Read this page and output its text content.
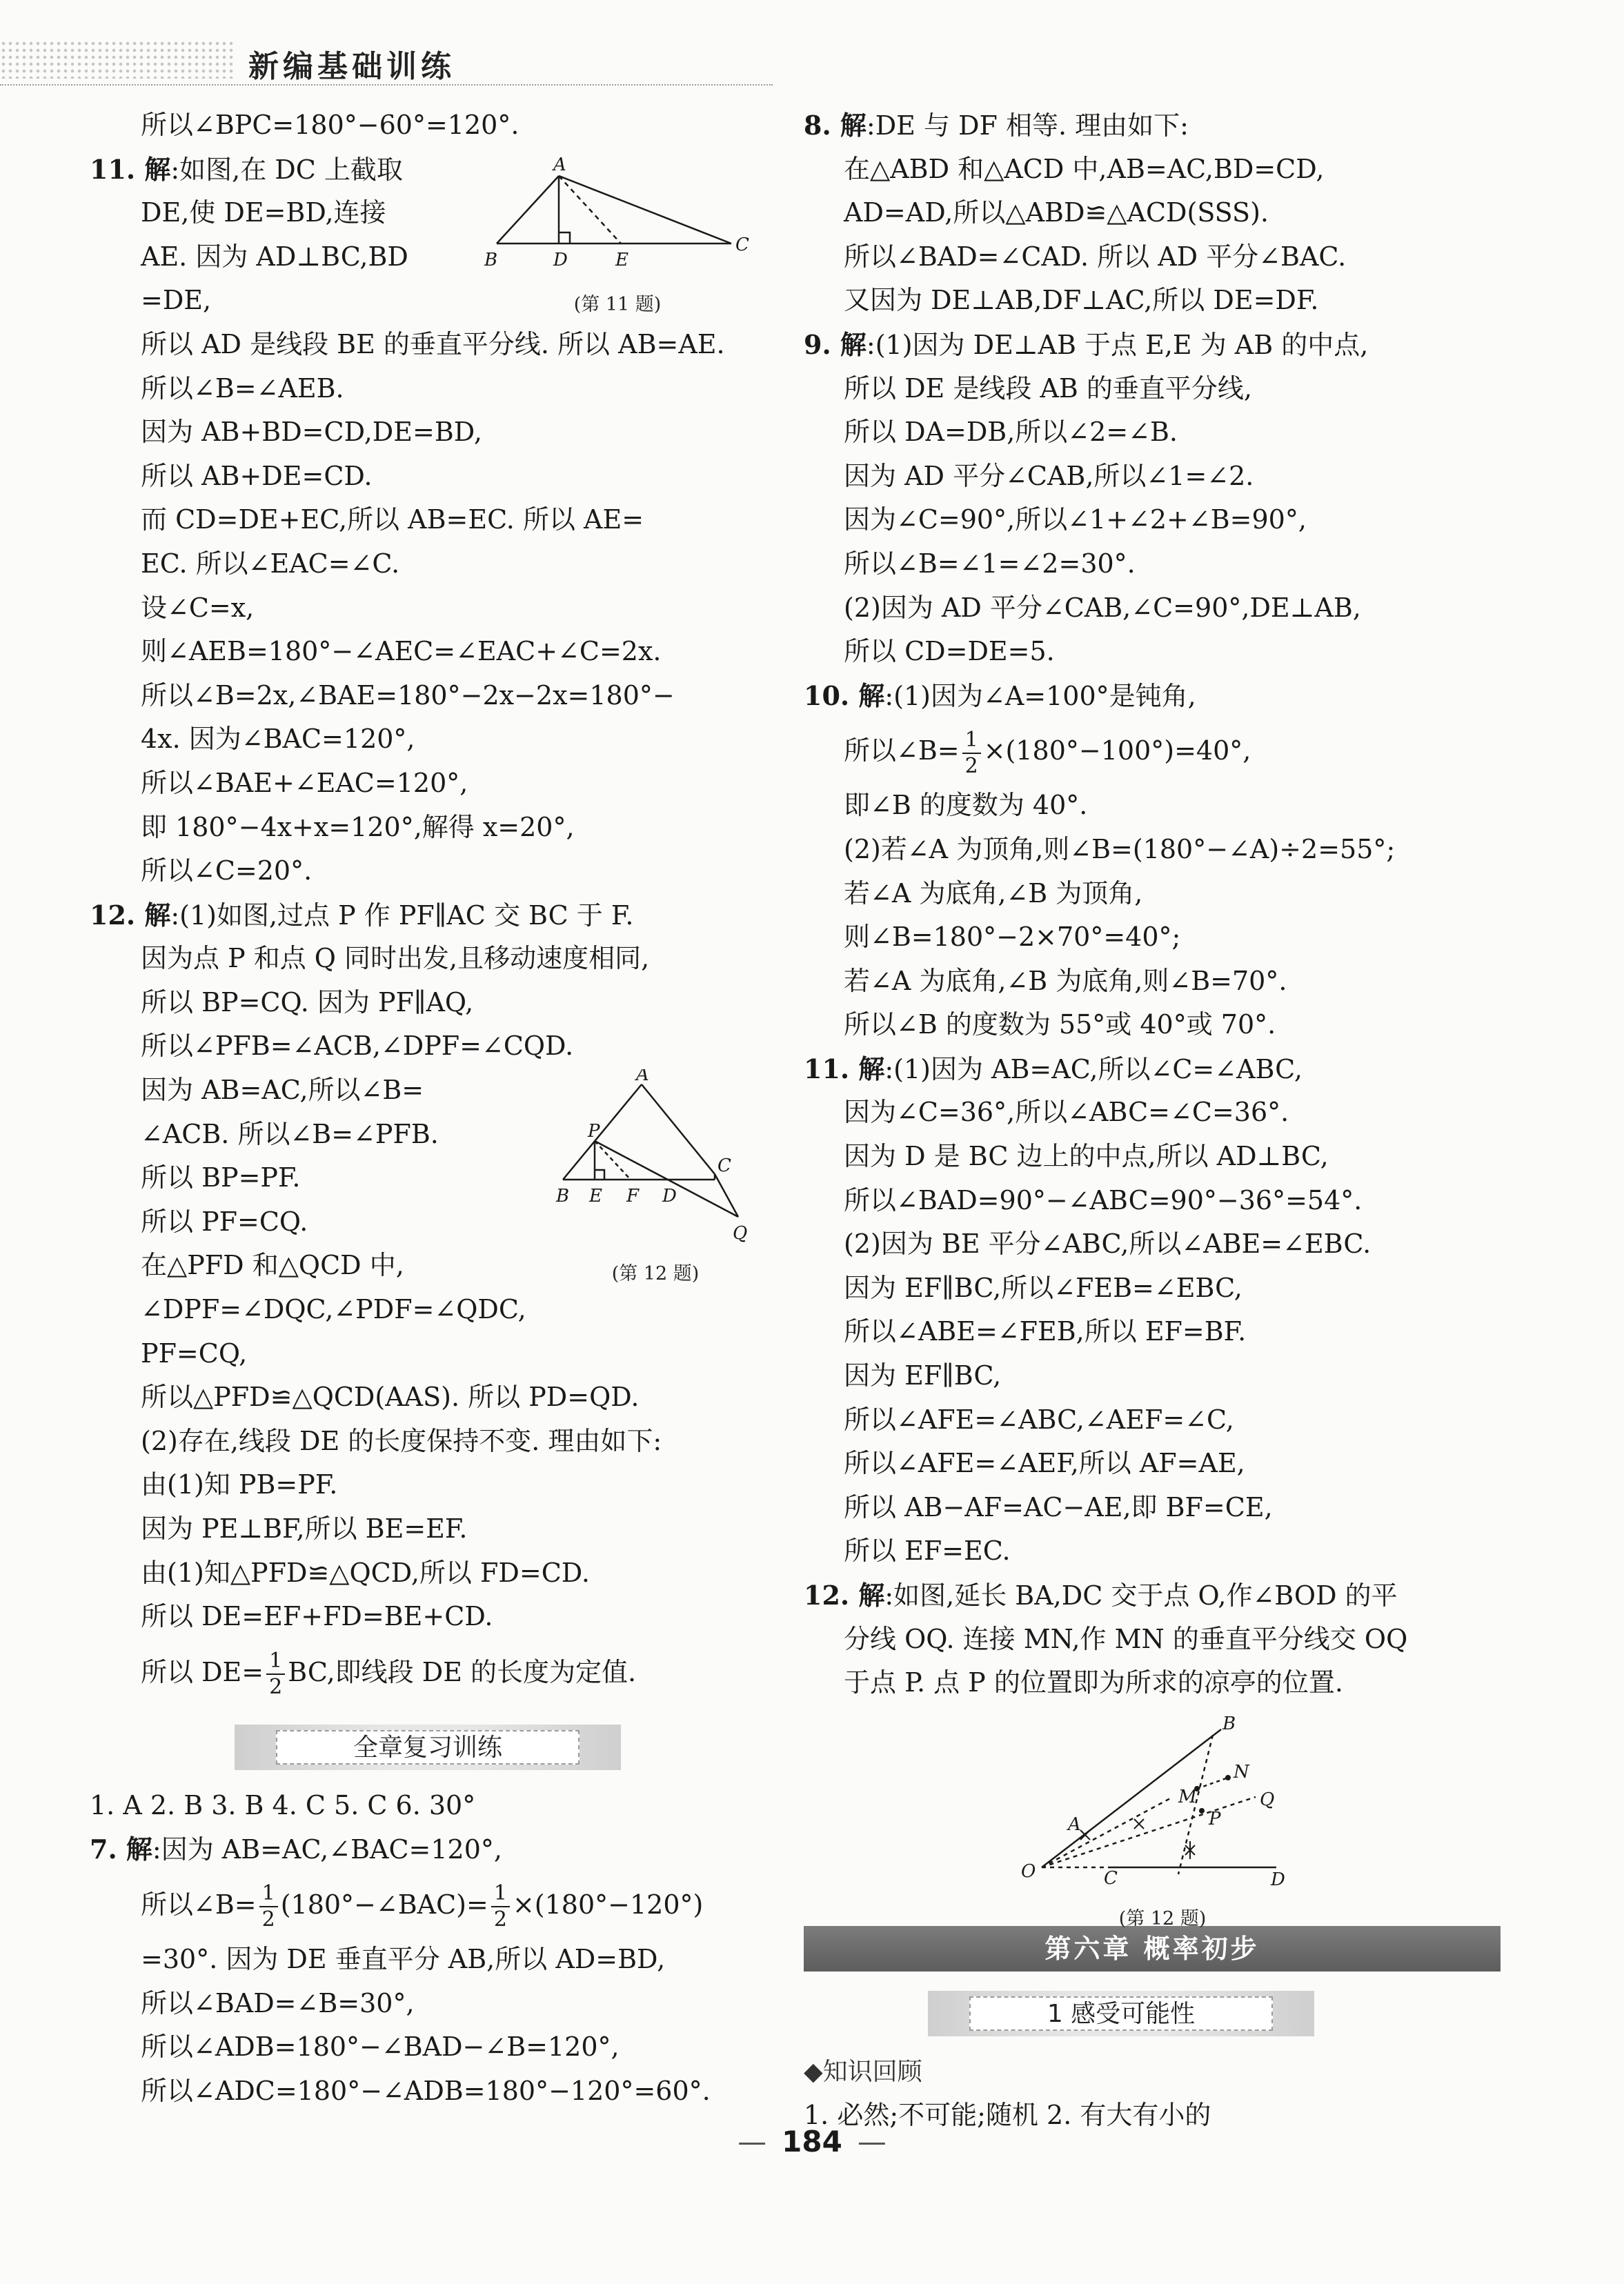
新编基础训练
所以∠BPC=180°−60°=120°.
11. 解:如图,在 DC 上截取
DE,使 DE=BD,连接
AE. 因为 AD⊥BC,BD
=DE,
所以 AD 是线段 BE 的垂直平分线. 所以 AB=AE.
所以∠B=∠AEB.
因为 AB+BD=CD,DE=BD,
所以 AB+DE=CD.
而 CD=DE+EC,所以 AB=EC. 所以 AE=
EC. 所以∠EAC=∠C.
设∠C=x,
则∠AEB=180°−∠AEC=∠EAC+∠C=2x.
所以∠B=2x,∠BAE=180°−2x−2x=180°−
4x. 因为∠BAC=120°,
所以∠BAE+∠EAC=120°,
即 180°−4x+x=120°,解得 x=20°,
所以∠C=20°.
12. 解:(1)如图,过点 P 作 PF∥AC 交 BC 于 F.
因为点 P 和点 Q 同时出发,且移动速度相同,
所以 BP=CQ. 因为 PF∥AQ,
所以∠PFB=∠ACB,∠DPF=∠CQD.
因为 AB=AC,所以∠B=
∠ACB. 所以∠B=∠PFB.
所以 BP=PF.
所以 PF=CQ.
在△PFD 和△QCD 中,
∠DPF=∠DQC,∠PDF=∠QDC,
PF=CQ,
所以△PFD≌△QCD(AAS). 所以 PD=QD.
(2)存在,线段 DE 的长度保持不变. 理由如下:
由(1)知 PB=PF.
因为 PE⊥BF,所以 BE=EF.
由(1)知△PFD≌△QCD,所以 FD=CD.
所以 DE=EF+FD=BE+CD.
所以 $DE= \frac{1}{2}$ BC,即线段 DE 的长度为定值.
全章复习训练
1. A 2. B 3. B 4. C 5. C 6. 30°
7. 解:因为 AB=AC,∠BAC=120°,
所以∠B= $\frac{1}{2}$ (180°−∠BAC)= $\frac{1}{2} \times(180^\circ-120^\circ)$
=30°. 因为 DE 垂直平分 AB,所以 AD=BD,
所以∠BAD=∠B=30°,
所以∠ADB=180°−∠BAD−∠B=120°,
所以∠ADC=180°−∠ADB=180°−120°=60°.
A
B	D	E
C
(第 11 题)
A
P
B E F D
C
Q
(第 12 题)
8. 解:DE 与 DF 相等. 理由如下:
在△ABD 和△ACD 中,AB=AC,BD=CD,
AD=AD,所以△ABD≌△ACD(SSS).
所以∠BAD=∠CAD. 所以 AD 平分∠BAC.
又因为 DE⊥AB,DF⊥AC,所以 DE=DF.
9. 解:(1)因为 DE⊥AB 于点 E,E 为 AB 的中点,
所以 DE 是线段 AB 的垂直平分线,
所以 DA=DB,所以∠2=∠B.
因为 AD 平分∠CAB,所以∠1=∠2.
因为∠C=90°,所以∠1+∠2+∠B=90°,
所以∠B=∠1=∠2=30°.
(2)因为 AD 平分∠CAB,∠C=90°,DE⊥AB,
所以 CD=DE=5.
10. 解:(1)因为∠A=100°是钝角,
所以∠B= $\frac{1}{2} \times(180^\circ-100^\circ)=40^\circ$,
即∠B 的度数为 40°.
(2)若∠A 为顶角,则∠B=(180°−∠A)÷2=55°;
若∠A 为底角,∠B 为顶角,
则∠B=180°−2×70°=40°;
若∠A 为底角,∠B 为底角,则∠B=70°.
所以∠B 的度数为 55°或 40°或 70°.
11. 解:(1)因为 AB=AC,所以∠C=∠ABC,
因为∠C=36°,所以∠ABC=∠C=36°.
因为 D 是 BC 边上的中点,所以 AD⊥BC,
所以∠BAD=90°−∠ABC=90°−36°=54°.
(2)因为 BE 平分∠ABC,所以∠ABE=∠EBC.
因为 EF∥BC,所以∠FEB=∠EBC,
所以∠ABE=∠FEB,所以 EF=BF.
因为 EF∥BC,
所以∠AFE=∠ABC,∠AEF=∠C,
所以∠AFE=∠AEF,所以 AF=AE,
所以 AB−AF=AC−AE,即 BF=CE,
所以 EF=EC.
12. 解:如图,延长 BA,DC 交于点 O,作∠BOD 的平
分线 OQ. 连接 MN,作 MN 的垂直平分线交 OQ
于点 P. 点 P 的位置即为所求的凉亭的位置.
第六章 概率初步
1 感受可能性
◆知识回顾
1. 必然;不可能;随机 2. 有大有小的
B
N
M
A	P
Q
O	C	D
(第 12 题)
— 184 —
